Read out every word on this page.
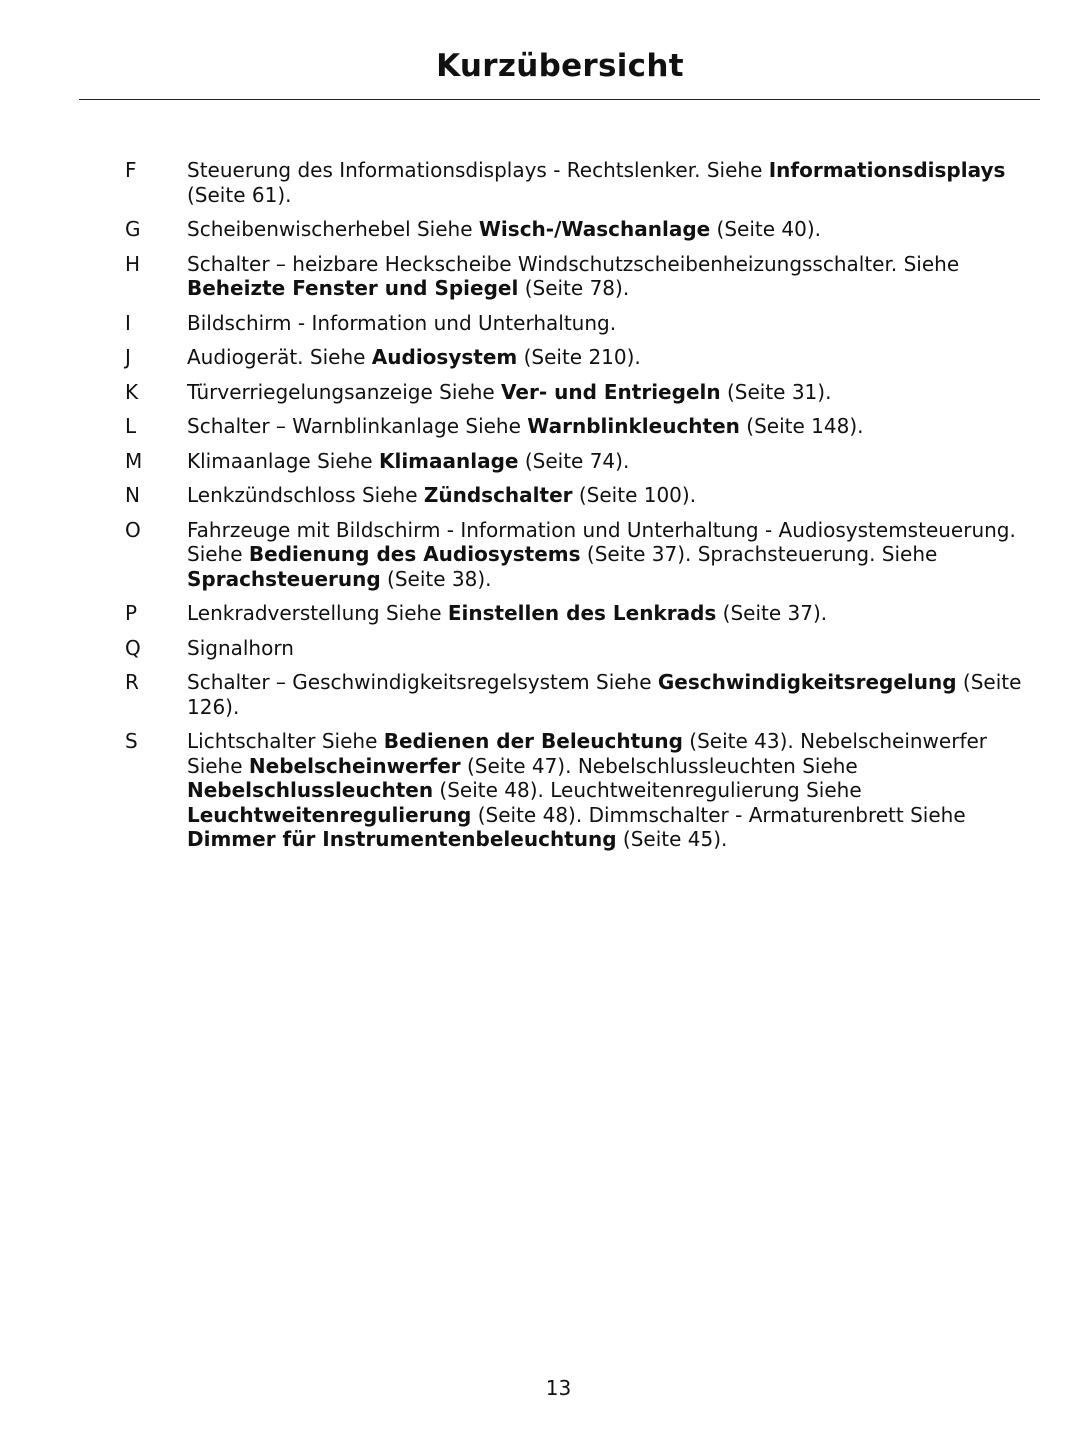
Kurzübersicht
F	Steuerung des Informationsdisplays - Rechtslenker. Siehe Informationsdisplays (Seite 61).
G Scheibenwischerhebel Siehe Wisch-/Waschanlage (Seite 40).
H Schalter – heizbare Heckscheibe Windschutzscheibenheizungsschalter. Siehe Beheizte Fenster und Spiegel (Seite 78).
I	Bildschirm - Information und Unterhaltung.
J	Audiogerät. Siehe Audiosystem (Seite 210).
K	Türverriegelungsanzeige Siehe Ver- und Entriegeln (Seite 31).
L	Schalter – Warnblinkanlage Siehe Warnblinkleuchten (Seite 148).
M Klimaanlage Siehe Klimaanlage (Seite 74).
N Lenkzündschloss Siehe Zündschalter (Seite 100).
O Fahrzeuge mit Bildschirm - Information und Unterhaltung - Audiosystemsteuerung. Siehe Bedienung des Audiosystems (Seite 37). Sprachsteuerung. Siehe Sprachsteuerung (Seite 38).
P	Lenkradverstellung Siehe Einstellen des Lenkrads (Seite 37).
Q Signalhorn
R	Schalter – Geschwindigkeitsregelsystem Siehe Geschwindigkeitsregelung (Seite 126).
S	Lichtschalter Siehe Bedienen der Beleuchtung (Seite 43). Nebelscheinwerfer Siehe Nebelscheinwerfer (Seite 47). Nebelschlussleuchten Siehe Nebelschlussleuchten (Seite 48). Leuchtweitenregulierung Siehe Leuchtweitenregulierung (Seite 48). Dimmschalter - Armaturenbrett Siehe Dimmer für Instrumentenbeleuchtung (Seite 45).
13
